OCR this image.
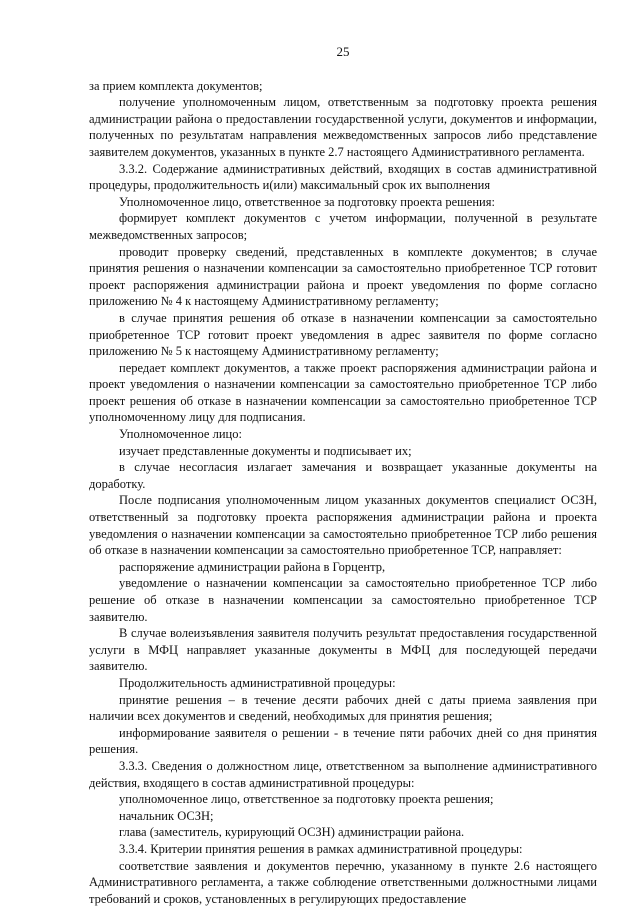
25

за прием комплекта документов;

получение уполномоченным лицом, ответственным за подготовку проекта решения администрации района о предоставлении государственной услуги, документов и информации, полученных по результатам направления межведомственных запросов либо представление заявителем документов, указанных в пункте 2.7 настоящего Административного регламента.

3.3.2. Содержание административных действий, входящих в состав административной процедуры, продолжительность и(или) максимальный срок их выполнения

Уполномоченное лицо, ответственное за подготовку проекта решения:

формирует комплект документов с учетом информации, полученной в результате межведомственных запросов;

проводит проверку сведений, представленных в комплекте документов; в случае принятия решения о назначении компенсации за самостоятельно приобретенное ТСР готовит проект распоряжения администрации района и проект уведомления по форме согласно приложению № 4 к настоящему Административному регламенту;

в случае принятия решения об отказе в назначении компенсации за самостоятельно приобретенное ТСР готовит проект уведомления в адрес заявителя по форме согласно приложению № 5 к настоящему Административному регламенту;

передает комплект документов, а также проект распоряжения администрации района и проект уведомления о назначении компенсации за самостоятельно приобретенное ТСР либо проект решения об отказе в назначении компенсации за самостоятельно приобретенное ТСР уполномоченному лицу для подписания.

Уполномоченное лицо:

изучает представленные документы и подписывает их;

в случае несогласия излагает замечания и возвращает указанные документы на доработку.

После подписания уполномоченным лицом указанных документов специалист ОСЗН, ответственный за подготовку проекта распоряжения администрации района и проекта уведомления о назначении компенсации за самостоятельно приобретенное ТСР либо решения об отказе в назначении компенсации за самостоятельно приобретенное ТСР, направляет:

распоряжение администрации района в Горцентр,

уведомление о назначении компенсации за самостоятельно приобретенное ТСР либо решение об отказе в назначении компенсации за самостоятельно приобретенное ТСР заявителю.

В случае волеизъявления заявителя получить результат предоставления государственной услуги в МФЦ направляет указанные документы в МФЦ для последующей передачи заявителю.

Продолжительность административной процедуры:

принятие решения – в течение десяти рабочих дней с даты приема заявления при наличии всех документов и сведений, необходимых для принятия решения;

информирование заявителя о решении - в течение пяти рабочих дней со дня принятия решения.

3.3.3. Сведения о должностном лице, ответственном за выполнение административного действия, входящего в состав административной процедуры:

уполномоченное лицо, ответственное за подготовку проекта решения;

начальник ОСЗН;

глава (заместитель, курирующий ОСЗН) администрации района.

3.3.4. Критерии принятия решения в рамках административной процедуры:

соответствие заявления и документов перечню, указанному в пункте 2.6 настоящего Административного регламента, а также соблюдение ответственными должностными лицами требований и сроков, установленных в регулирующих предоставление
